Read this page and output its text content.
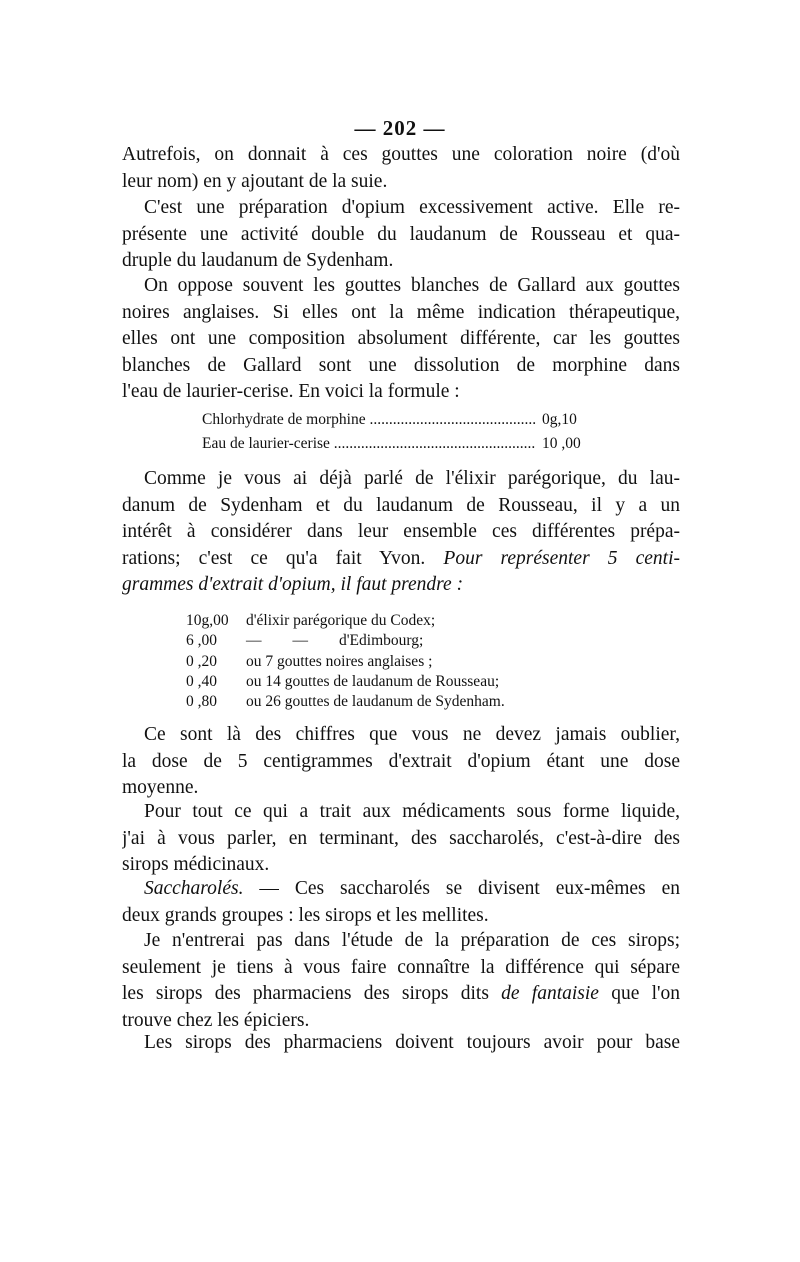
— 202 —
Autrefois, on donnait à ces gouttes une coloration noire (d'où
leur nom) en y ajoutant de la suie.
C'est une préparation d'opium excessivement active. Elle re-
présente une activité double du laudanum de Rousseau et qua-
druple du laudanum de Sydenham.
On oppose souvent les gouttes blanches de Gallard aux gouttes
noires anglaises. Si elles ont la même indication thérapeutique,
elles ont une composition absolument différente, car les gouttes
blanches de Gallard sont une dissolution de morphine dans
l'eau de laurier-cerise. En voici la formule :
Chlorhydrate de morphine .....	0g,10
Eau de laurier-cerise .....	10 ,00
Comme je vous ai déjà parlé de l'élixir parégorique, du lau-
danum de Sydenham et du laudanum de Rousseau, il y a un
intérêt à considérer dans leur ensemble ces différentes prépa-
rations; c'est ce qu'a fait Yvon. Pour représenter 5 centi-
grammes d'extrait d'opium, il faut prendre :
10g,00	d'élixir parégorique du Codex;
6 ,00	—        —        d'Edimbourg;
0 ,20	ou 7 gouttes noires anglaises ;
0 ,40	ou 14 gouttes de laudanum de Rousseau;
0 ,80	ou 26 gouttes de laudanum de Sydenham.
Ce sont là des chiffres que vous ne devez jamais oublier,
la dose de 5 centigrammes d'extrait d'opium étant une dose
moyenne.
Pour tout ce qui a trait aux médicaments sous forme liquide,
j'ai à vous parler, en terminant, des saccharolés, c'est-à-dire des
sirops médicinaux.
Saccharolés. — Ces saccharolés se divisent eux-mêmes en
deux grands groupes : les sirops et les mellites.
Je n'entrerai pas dans l'étude de la préparation de ces sirops;
seulement je tiens à vous faire connaître la différence qui sépare
les sirops des pharmaciens des sirops dits de fantaisie que l'on
trouve chez les épiciers.
Les sirops des pharmaciens doivent toujours avoir pour base
